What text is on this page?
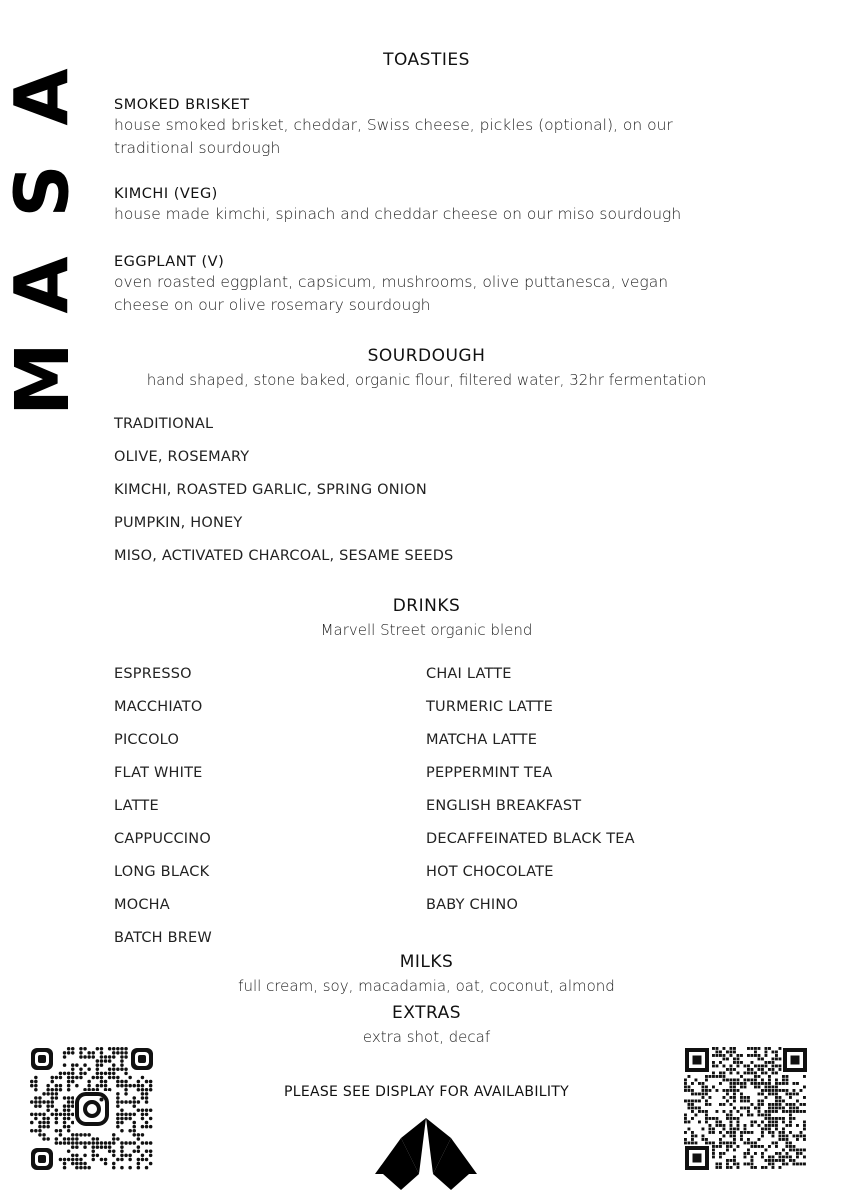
A
S
A
M
TOASTIES
SMOKED BRISKET
house smoked brisket, cheddar, Swiss cheese, pickles (optional), on our
traditional sourdough
KIMCHI (VEG)
house made kimchi, spinach and cheddar cheese on our miso sourdough
EGGPLANT (V)
oven roasted eggplant, capsicum, mushrooms, olive puttanesca, vegan
cheese on our olive rosemary sourdough
SOURDOUGH
hand shaped, stone baked, organic flour, filtered water, 32hr fermentation
TRADITIONAL
OLIVE, ROSEMARY
KIMCHI, ROASTED GARLIC, SPRING ONION
PUMPKIN, HONEY
MISO, ACTIVATED CHARCOAL, SESAME SEEDS
DRINKS
Marvell Street organic blend
ESPRESSO
MACCHIATO
PICCOLO
FLAT WHITE
LATTE
CAPPUCCINO
LONG BLACK
MOCHA
BATCH BREW
CHAI LATTE
TURMERIC LATTE
MATCHA LATTE
PEPPERMINT TEA
ENGLISH BREAKFAST
DECAFFEINATED BLACK TEA
HOT CHOCOLATE
BABY CHINO
MILKS
full cream, soy, macadamia, oat, coconut, almond
EXTRAS
extra shot, decaf
PLEASE SEE DISPLAY FOR AVAILABILITY
